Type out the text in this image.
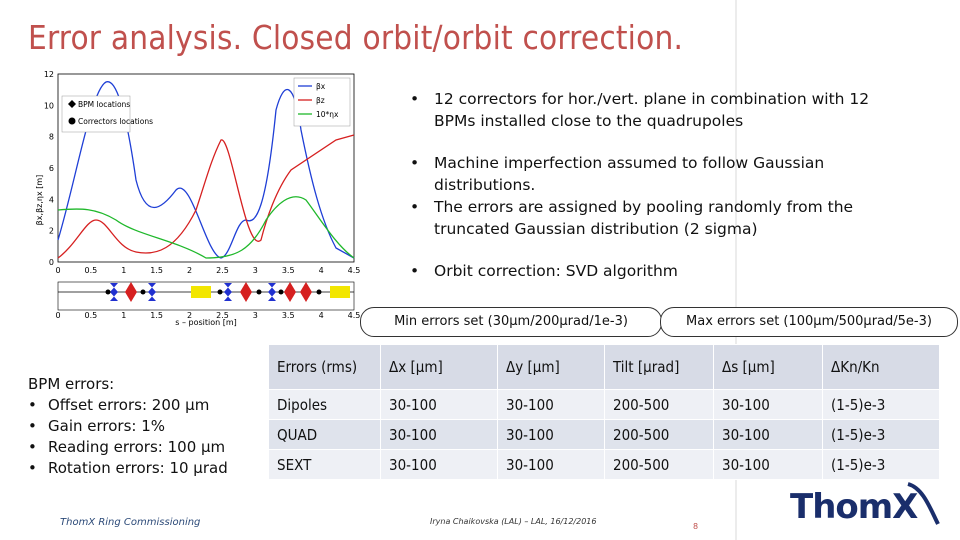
Error analysis. Closed orbit/orbit correction.
0
2
4
6
8
10
12
0	0.5	1	1.5	2	2.5	3	3.5	4	4.5
βx,βz,ηx [m]
βx
βz
10*ηx
BPM locations
Correctors locations
0	0.5	1	1.5	2	2.5	3	3.5	4	4.5
s – position [m]
• 12 correctors for hor./vert. plane in combination with 12 BPMs installed close to the quadrupoles
• Machine imperfection assumed to follow Gaussian distributions.
• The errors are assigned by pooling randomly from the truncated Gaussian distribution (2 sigma)
• Orbit correction: SVD algorithm
Min errors set (30μm/200μrad/1e-3)	Max errors set (100μm/500μrad/5e-3)
BPM errors:
• Offset errors: 200 μm
• Gain errors: 1%
• Reading errors: 100 μm
• Rotation errors: 10 μrad
Errors (rms)	Δx [μm]	Δy [μm]	Tilt [μrad]	Δs [μm]	ΔKn/Kn
Dipoles	30-100	30-100	200-500	30-100	(1-5)e-3
QUAD	30-100	30-100	200-500	30-100	(1-5)e-3
SEXT	30-100	30-100	200-500	30-100	(1-5)e-3
ThomX Ring Commissioning	Iryna Chaikovska (LAL) – LAL, 16/12/2016
8	ThomX
